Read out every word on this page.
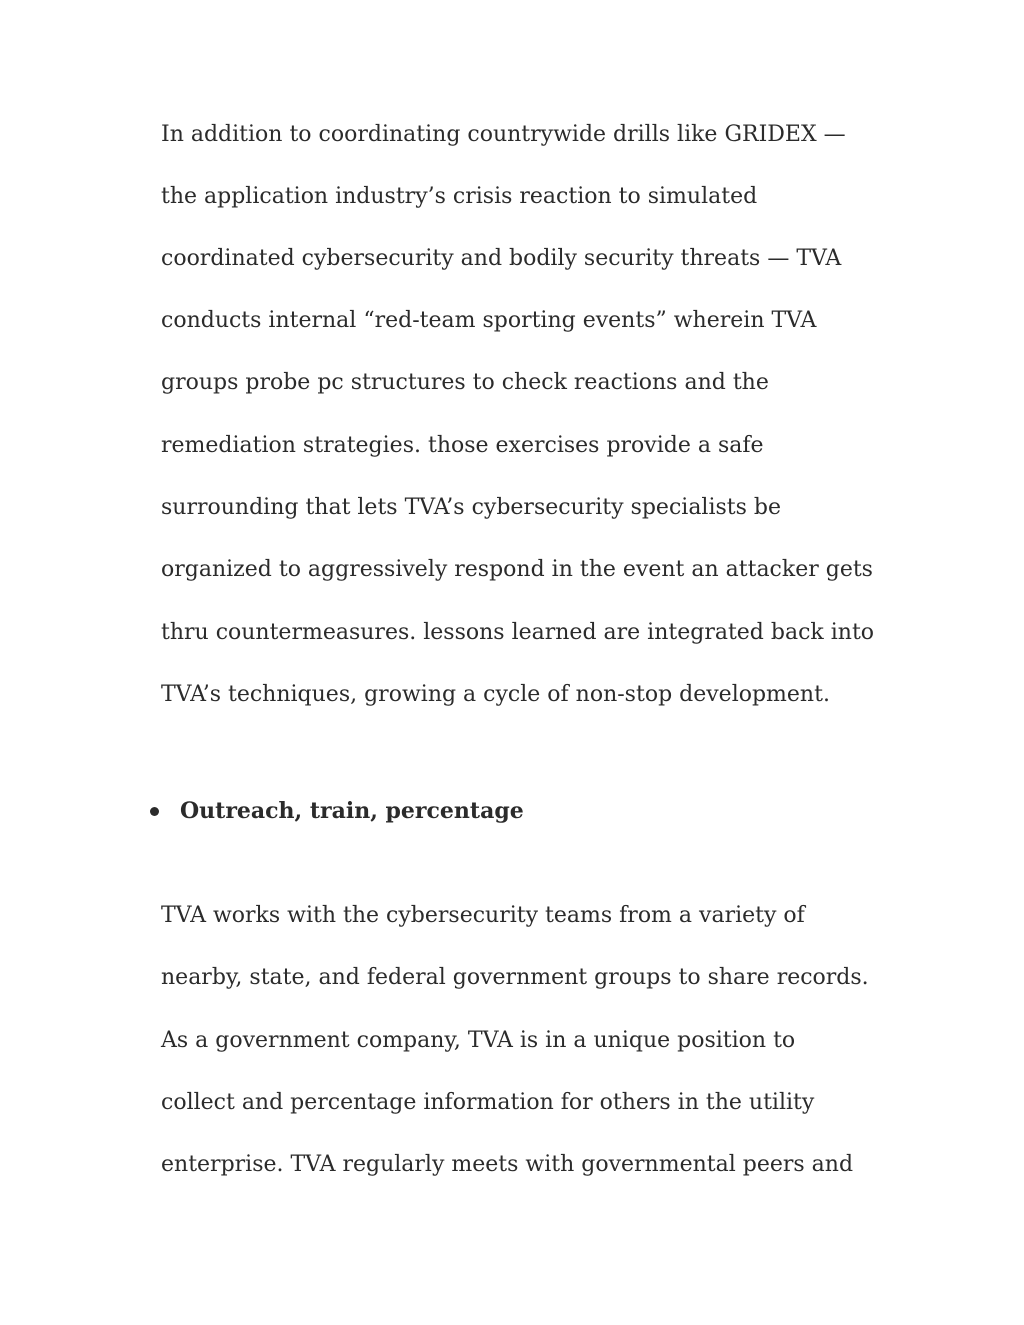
In addition to coordinating countrywide drills like GRIDEX —
the application industry’s crisis reaction to simulated
coordinated cybersecurity and bodily security threats — TVA
conducts internal “red-team sporting events” wherein TVA
groups probe pc structures to check reactions and the
remediation strategies. those exercises provide a safe
surrounding that lets TVA’s cybersecurity specialists be
organized to aggressively respond in the event an attacker gets
thru countermeasures. lessons learned are integrated back into
TVA’s techniques, growing a cycle of non-stop development.
Outreach, train, percentage
TVA works with the cybersecurity teams from a variety of
nearby, state, and federal government groups to share records.
As a government company, TVA is in a unique position to
collect and percentage information for others in the utility
enterprise. TVA regularly meets with governmental peers and
